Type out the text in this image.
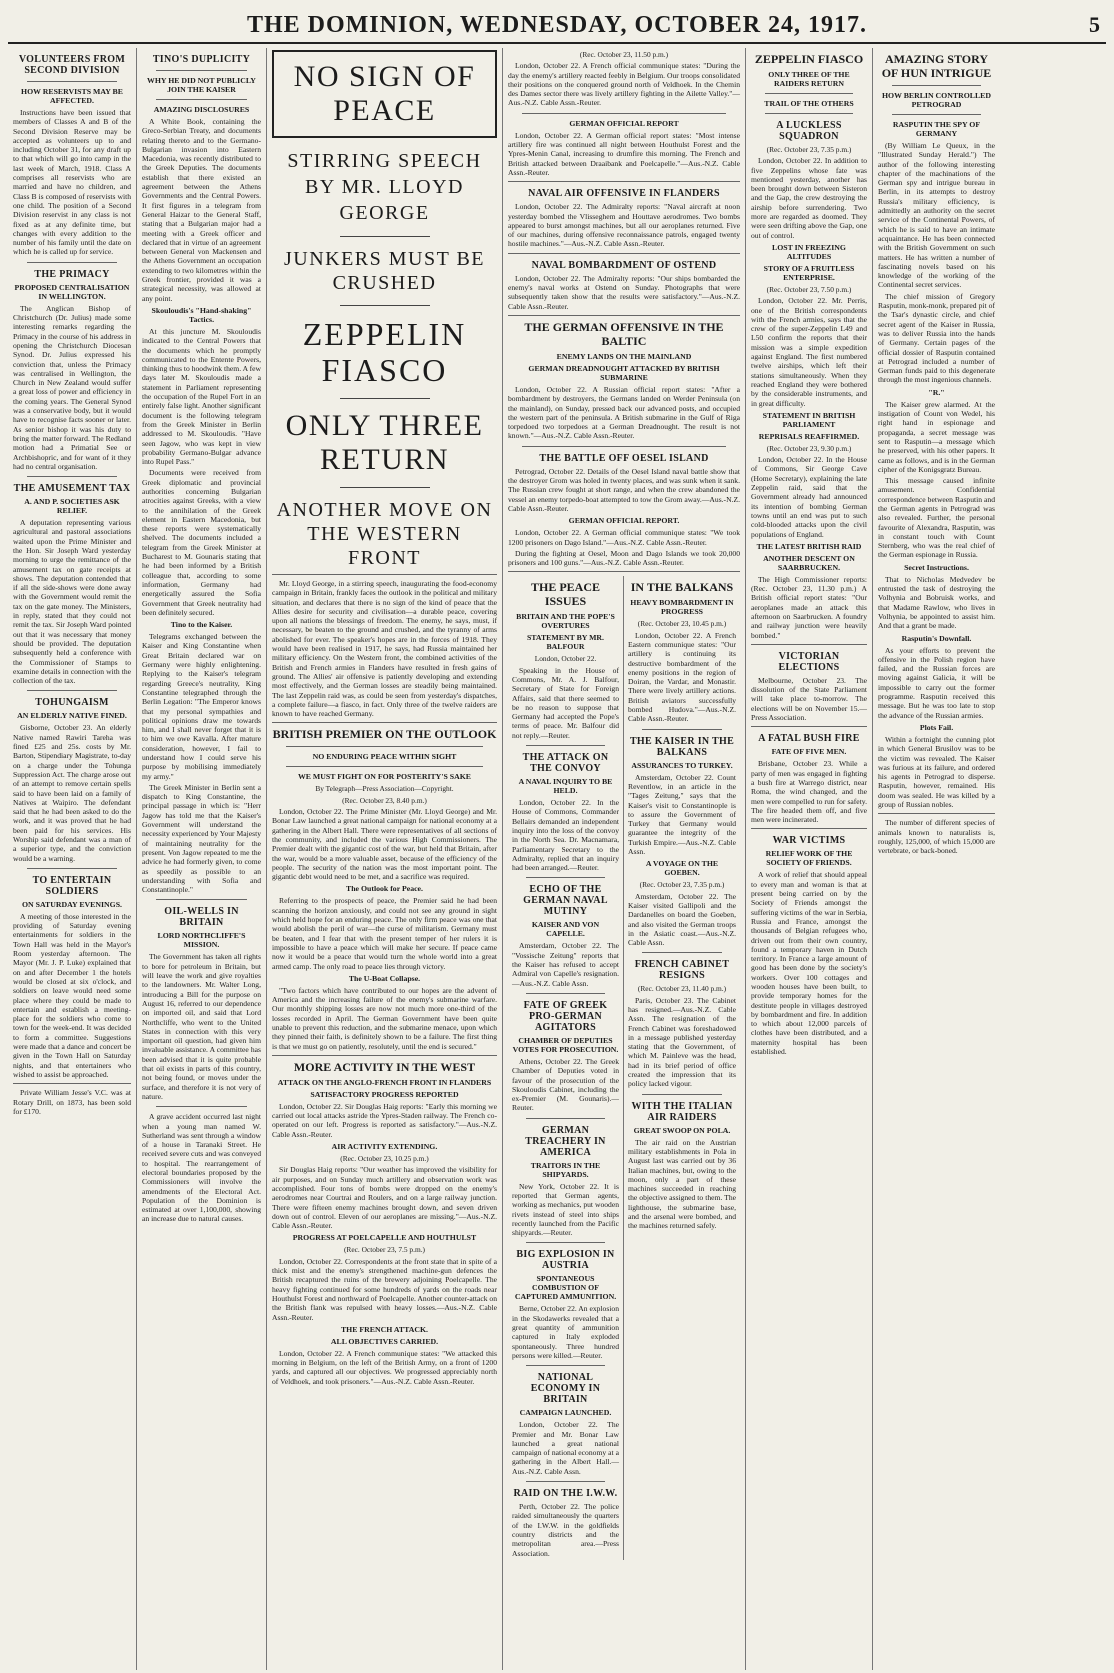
THE DOMINION, WEDNESDAY, OCTOBER 24, 1917.	5
VOLUNTEERS FROM SECOND DIVISION
HOW RESERVISTS MAY BE AFFECTED.

Instructions have been issued that members of Classes A and B of the Second Division Reserve may be accepted as volunteers up to and including October 31, for any draft up to that which will go into camp in the last week of March, 1918. Class A comprises all reservists who are married and have no children, and Class B is composed of reservists with one child. The position of a Second Division reservist in any class is not fixed as at any definite time, but changes with every addition to the number of his family until the date on which he is called up for service.

THE PRIMACY
PROPOSED CENTRALISATION IN WELLINGTON.

The Anglican Bishop of Christchurch (Dr. Julius) made some interesting remarks regarding the Primacy in the course of his address in opening the Christchurch Diocesan Synod. Dr. Julius expressed his conviction that, unless the Primacy was centralised in Wellington, the Church in New Zealand would suffer a great loss of power and efficiency in the coming years. The General Synod was a conservative body, but it would have to recognise facts sooner or later. As senior bishop it was his duty to bring the matter forward. The Redland motion had a Primatial See or Archbishopric, and for want of it they had no central organisation.

THE AMUSEMENT TAX
A. AND P. SOCIETIES ASK RELIEF.

A deputation representing various agricultural and pastoral associations waited upon the Prime Minister and the Hon. Sir Joseph Ward yesterday morning to urge the remittance of the amusement tax on gate receipts at shows. The deputation contended that if all the side-shows were done away with the Government would remit the tax on the gate money. The Ministers, in reply, stated that they could not remit the tax. Sir Joseph Ward pointed out that it was necessary that money should be provided. The deputation subsequently held a conference with the Commissioner of Stamps to examine details in connection with the collection of the tax.

TOHUNGAISM
AN ELDERLY NATIVE FINED.

Gisborne, October 23. An elderly Native named Rawiri Tareha was fined £25 and 25s. costs by Mr. Barton, Stipendiary Magistrate, to-day on a charge under the Tohunga Suppression Act. The charge arose out of an attempt to remove certain spells said to have been laid on a family of Natives at Waipiro. The defendant said that he had been asked to do the work, and it was proved that he had been paid for his services. His Worship said defendant was a man of a superior type, and the conviction would be a warning.

TO ENTERTAIN SOLDIERS
ON SATURDAY EVENINGS.

A meeting of those interested in the providing of Saturday evening entertainments for soldiers in the Town Hall was held in the Mayor's Room yesterday afternoon. The Mayor (Mr. J. P. Luke) explained that on and after December 1 the hotels would be closed at six o'clock, and soldiers on leave would need some place where they could be made to entertain and establish a meeting-place for the soldiers who come to town for the week-end. It was decided to form a committee. Suggestions were made that a dance and concert be given in the Town Hall on Saturday nights, and that entertainers who wished to assist be approached.

Private William Jesse's V.C. was at Rotary Drill, on 1873, has been sold for £170.

TINO'S DUPLICITY
WHY HE DID NOT PUBLICLY JOIN THE KAISER
AMAZING DISCLOSURES

A White Book, containing the Greco-Serbian Treaty, and documents relating thereto and to the Germano-Bulgarian invasion into Eastern Macedonia, was recently distributed to the Greek Deputies. The documents establish that there existed an agreement between the Athens Governments and the Central Powers. It first figures in a telegram from General Haizar to the General Staff, stating that a Bulgarian major had a meeting with a Greek officer and declared that in virtue of an agreement between General von Mackensen and the Athens Government an occupation extending to two kilometres within the Greek frontier, provided it was a strategical necessity, was allowed at any point.

Skouloudis's "Hand-shaking" Tactics.

At this juncture M. Skouloudis indicated to the Central Powers that the documents which he promptly communicated to the Entente Powers, thinking thus to hoodwink them. A few days later M. Skouloudis made a statement in Parliament representing the occupation of the Rupel Fort in an entirely false light. Another significant document is the following telegram from the Greek Minister in Berlin addressed to M. Skouloudis. "Have seen Jagow, who was kept in view probability Germano-Bulgar advance into Rupel Pass."

Documents were received from Greek diplomatic and provincial authorities concerning Bulgarian atrocities against Greeks, with a view to the annihilation of the Greek element in Eastern Macedonia, but these reports were systematically shelved. The documents included a telegram from the Greek Minister at Bucharest to M. Gounaris stating that he had been informed by a British colleague that, according to some information, Germany had energetically assured the Sofia Government that Greek neutrality had been definitely secured.

Tino to the Kaiser.

Telegrams exchanged between the Kaiser and King Constantine when Great Britain declared war on Germany were highly enlightening. Replying to the Kaiser's telegram regarding Greece's neutrality, King Constantine telegraphed through the Berlin Legation: "The Emperor knows that my personal sympathies and political opinions draw me towards him, and I shall never forget that it is to him we owe Kavalla. After mature consideration, however, I fail to understand how I could serve his purpose by mobilising immediately my army."

The Greek Minister in Berlin sent a dispatch to King Constantine, the principal passage in which is: "Herr Jagow has told me that the Kaiser's Government will understand the necessity experienced by Your Majesty of maintaining neutrality for the present. Von Jagow repeated to me the advice he had formerly given, to come as speedily as possible to an understanding with Sofia and Constantinople."

OIL-WELLS IN BRITAIN
LORD NORTHCLIFFE'S MISSION.

The Government has taken all rights to bore for petroleum in Britain, but will leave the work and give royalties to the landowners. Mr. Walter Long, introducing a Bill for the purpose on August 16, referred to our dependence on imported oil, and said that Lord Northcliffe, who went to the United States in connection with this very important oil question, had given him invaluable assistance. A committee has been advised that it is quite probable that oil exists in parts of this country, not being found, or moves under the surface, and therefore it is not very of nature.

A grave accident occurred last night when a young man named W. Sutherland was sent through a window of a house in Taranaki Street. He received severe cuts and was conveyed to hospital. The rearrangement of electoral boundaries proposed by the Commissioners will involve the amendments of the Electoral Act. Population of the Dominion is estimated at over 1,100,000, showing an increase due to natural causes.

NO SIGN OF PEACE
STIRRING SPEECH BY MR. LLOYD GEORGE
JUNKERS MUST BE CRUSHED
ZEPPELIN FIASCO
ONLY THREE RETURN
ANOTHER MOVE ON THE WESTERN FRONT

Mr. Lloyd George, in a stirring speech, inaugurating the food-economy campaign in Britain, frankly faces the outlook in the political and military situation, and declares that there is no sign of the kind of peace that the Allies desire for security and civilisation—a durable peace, covering upon all nations the blessings of freedom. The enemy, he says, must, if necessary, be beaten to the ground and crushed, and the tyranny of arms abolished for ever. The speaker's hopes are in the forces of 1918. They would have been realised in 1917, he says, had Russia maintained her military efficiency. On the Western front, the combined activities of the British and French armies in Flanders have resulted in fresh gains of ground. The Allies' air offensive is patiently developing and extending most effectively, and the German losses are steadily being maintained. The last Zeppelin raid was, as could be seen from yesterday's dispatches, a complete failure—a fiasco, in fact. Only three of the twelve raiders are known to have reached Germany.

BRITISH PREMIER ON THE OUTLOOK
NO ENDURING PEACE WITHIN SIGHT
WE MUST FIGHT ON FOR POSTERITY'S SAKE
By Telegraph—Press Association—Copyright.
(Rec. October 23, 8.40 p.m.)

London, October 22. The Prime Minister (Mr. Lloyd George) and Mr. Bonar Law launched a great national campaign for national economy at a gathering in the Albert Hall. There were representatives of all sections of the community, and included the various High Commissioners. The Premier dealt with the gigantic cost of the war, but held that Britain, after the war, would be a more valuable asset, because of the efficiency of the people. The security of the nation was the most important point. The gigantic debt would need to be met, and a sacrifice was required.

The Outlook for Peace.

Referring to the prospects of peace, the Premier said he had been scanning the horizon anxiously, and could not see any ground in sight which held hope for an enduring peace. The only firm peace was one that would abolish the peril of war—the curse of militarism. Germany must be beaten, and I fear that with the present temper of her rulers it is impossible to have a peace which will make her secure. If peace came now it would be a peace that would turn the whole world into a great armed camp. The only road to peace lies through victory.

The U-Boat Collapse.

"Two factors which have contributed to our hopes are the advent of America and the increasing failure of the enemy's submarine warfare. Our monthly shipping losses are now not much more one-third of the losses recorded in April. The German Government have been quite unable to prevent this reduction, and the submarine menace, upon which they pinned their faith, is definitely shown to be a failure. The first thing is that we must go on patiently, resolutely, until the end is secured."

MORE ACTIVITY IN THE WEST
ATTACK ON THE ANGLO-FRENCH FRONT IN FLANDERS
SATISFACTORY PROGRESS REPORTED

London, October 22. Sir Douglas Haig reports: "Early this morning we carried out local attacks astride the Ypres-Staden railway. The French co-operated on our left. Progress is reported as satisfactory."—Aus.-N.Z. Cable Assn.-Reuter.

AIR ACTIVITY EXTENDING.
(Rec. October 23, 10.25 p.m.)

Sir Douglas Haig reports: "Our weather has improved the visibility for air purposes, and on Sunday much artillery and observation work was accomplished. Four tons of bombs were dropped on the enemy's aerodromes near Courtrai and Roulers, and on a large railway junction. There were fifteen enemy machines brought down, and seven driven down out of control. Eleven of our aeroplanes are missing."—Aus.-N.Z. Cable Assn.-Reuter.

PROGRESS AT POELCAPELLE AND HOUTHULST
(Rec. October 23, 7.5 p.m.)

London, October 22. Correspondents at the front state that in spite of a thick mist and the enemy's strengthened machine-gun defences the British recaptured the ruins of the brewery adjoining Poelcapelle. The heavy fighting continued for some hundreds of yards on the roads near Houthulst Forest and northward of Poelcapelle. Another counter-attack on the British flank was repulsed with heavy losses.—Aus.-N.Z. Cable Assn.-Reuter.

THE FRENCH ATTACK.
ALL OBJECTIVES CARRIED.

London, October 22. A French communique states: "We attacked this morning in Belgium, on the left of the British Army, on a front of 1200 yards, and captured all our objectives. We progressed appreciably north of Veldhoek, and took prisoners."—Aus.-N.Z. Cable Assn.-Reuter.

(Rec. October 23, 11.50 p.m.)

London, October 22. A French official communique states: "During the day the enemy's artillery reacted feebly in Belgium. Our troops consolidated their positions on the conquered ground north of Veldhoek. In the Chemin des Dames sector there was lively artillery fighting in the Ailette Valley."—Aus.-N.Z. Cable Assn.-Reuter.

GERMAN OFFICIAL REPORT

London, October 22. A German official report states: "Most intense artillery fire was continued all night between Houthulst Forest and the Ypres-Menin Canal, increasing to drumfire this morning. The French and British attacked between Draaibank and Poelcapelle."—Aus.-N.Z. Cable Assn.-Reuter.

NAVAL AIR OFFENSIVE IN FLANDERS

London, October 22. The Admiralty reports: "Naval aircraft at noon yesterday bombed the Vlisseghem and Houttave aerodromes. Two bombs appeared to burst amongst machines, but all our aeroplanes returned. Five of our machines, during offensive reconnaissance patrols, engaged twenty hostile machines."—Aus.-N.Z. Cable Assn.-Reuter.

NAVAL BOMBARDMENT OF OSTEND

London, October 22. The Admiralty reports: "Our ships bombarded the enemy's naval works at Ostend on Sunday. Photographs that were subsequently taken show that the results were satisfactory."—Aus.-N.Z. Cable Assn.-Reuter.

THE GERMAN OFFENSIVE IN THE BALTIC
ENEMY LANDS ON THE MAINLAND
GERMAN DREADNOUGHT ATTACKED BY BRITISH SUBMARINE

London, October 22. A Russian official report states: "After a bombardment by destroyers, the Germans landed on Werder Peninsula (on the mainland), on Sunday, pressed back our advanced posts, and occupied the western part of the peninsula. A British submarine in the Gulf of Riga torpedoed two torpedoes at a German Dreadnought. The result is not known."—Aus.-N.Z. Cable Assn.-Reuter.

THE BATTLE OFF OESEL ISLAND

Petrograd, October 22. Details of the Oesel Island naval battle show that the destroyer Grom was holed in twenty places, and was sunk when it sank. The Russian crew fought at short range, and when the crew abandoned the vessel an enemy torpedo-boat attempted to tow the Grom away.—Aus.-N.Z. Cable Assn.-Reuter.

GERMAN OFFICIAL REPORT.

London, October 22. A German official communique states: "We took 1200 prisoners on Dago Island."—Aus.-N.Z. Cable Assn.-Reuter.

During the fighting at Oesel, Moon and Dago Islands we took 20,000 prisoners and 100 guns."—Aus.-N.Z. Cable Assn.-Reuter.

THE PEACE ISSUES
BRITAIN AND THE POPE'S OVERTURES
STATEMENT BY MR. BALFOUR
London, October 22.

Speaking in the House of Commons, Mr. A. J. Balfour, Secretary of State for Foreign Affairs, said that there seemed to be no reason to suppose that Germany had accepted the Pope's terms of peace. Mr. Balfour did not reply.—Reuter.

THE ATTACK ON THE CONVOY
A NAVAL INQUIRY TO BE HELD.

London, October 22. In the House of Commons, Commander Bellairs demanded an independent inquiry into the loss of the convoy in the North Sea. Dr. Macnamara, Parliamentary Secretary to the Admiralty, replied that an inquiry had been arranged.—Reuter.

ECHO OF THE GERMAN NAVAL MUTINY
KAISER AND VON CAPELLE.

Amsterdam, October 22. The "Vossische Zeitung" reports that the Kaiser has refused to accept Admiral von Capelle's resignation.—Aus.-N.Z. Cable Assn.

FATE OF GREEK PRO-GERMAN AGITATORS
CHAMBER OF DEPUTIES VOTES FOR PROSECUTION.

Athens, October 22. The Greek Chamber of Deputies voted in favour of the prosecution of the Skouloudis Cabinet, including the ex-Premier (M. Gounaris).—Reuter.

GERMAN TREACHERY IN AMERICA
TRAITORS IN THE SHIPYARDS.

New York, October 22. It is reported that German agents, working as mechanics, put wooden rivets instead of steel into ships recently launched from the Pacific shipyards.—Reuter.

BIG EXPLOSION IN AUSTRIA
SPONTANEOUS COMBUSTION OF CAPTURED AMMUNITION.

Berne, October 22. An explosion in the Skodawerks revealed that a great quantity of ammunition captured in Italy exploded spontaneously. Three hundred persons were killed.—Reuter.

NATIONAL ECONOMY IN BRITAIN
CAMPAIGN LAUNCHED.

London, October 22. The Premier and Mr. Bonar Law launched a great national campaign of national economy at a gathering in the Albert Hall.—Aus.-N.Z. Cable Assn.

RAID ON THE I.W.W.

Perth, October 22. The police raided simultaneously the quarters of the I.W.W. in the goldfields country districts and the metropolitan area.—Press Association.

IN THE BALKANS
HEAVY BOMBARDMENT IN PROGRESS
(Rec. October 23, 10.45 p.m.)

London, October 22. A French Eastern communique states: "Our artillery is continuing its destructive bombardment of the enemy positions in the region of Doiran, the Vardar, and Monastir. There were lively artillery actions. British aviators successfully bombed Hudova."—Aus.-N.Z. Cable Assn.-Reuter.

THE KAISER IN THE BALKANS
ASSURANCES TO TURKEY.

Amsterdam, October 22. Count Reventlow, in an article in the "Tages Zeitung," says that the Kaiser's visit to Constantinople is to assure the Government of Turkey that Germany would guarantee the integrity of the Turkish Empire.—Aus.-N.Z. Cable Assn.

A VOYAGE ON THE GOEBEN.
(Rec. October 23, 7.35 p.m.)

Amsterdam, October 22. The Kaiser visited Gallipoli and the Dardanelles on board the Goeben, and also visited the German troops in the Asiatic coast.—Aus.-N.Z. Cable Assn.

FRENCH CABINET RESIGNS
(Rec. October 23, 11.40 p.m.)

Paris, October 23. The Cabinet has resigned.—Aus.-N.Z. Cable Assn. The resignation of the French Cabinet was foreshadowed in a message published yesterday stating that the Government, of which M. Painleve was the head, had in its brief period of office created the impression that its policy lacked vigour.

WITH THE ITALIAN AIR RAIDERS
GREAT SWOOP ON POLA.

The air raid on the Austrian military establishments in Pola in August last was carried out by 36 Italian machines, but, owing to the moon, only a part of these machines succeeded in reaching the objective assigned to them. The lighthouse, the submarine base, and the arsenal were bombed, and the machines returned safely.

ZEPPELIN FIASCO
ONLY THREE OF THE RAIDERS RETURN
TRAIL OF THE OTHERS
A LUCKLESS SQUADRON
(Rec. October 23, 7.35 p.m.)

London, October 22. In addition to five Zeppelins whose fate was mentioned yesterday, another has been brought down between Sisteron and the Gap, the crew destroying the airship before surrendering. Two more are regarded as doomed. They were seen drifting above the Gap, one out of control.

LOST IN FREEZING ALTITUDES
STORY OF A FRUITLESS ENTERPRISE.
(Rec. October 23, 7.50 p.m.)

London, October 22. Mr. Perris, one of the British correspondents with the French armies, says that the crew of the super-Zeppelin L49 and L50 confirm the reports that their mission was a simple expedition against England. The first numbered twelve airships, which left their stations simultaneously. When they reached England they were bothered by the considerable instruments, and in great difficulty.

STATEMENT IN BRITISH PARLIAMENT
REPRISALS REAFFIRMED.
(Rec. October 23, 9.30 p.m.)

London, October 22. In the House of Commons, Sir George Cave (Home Secretary), explaining the late Zeppelin raid, said that the Government already had announced its intention of bombing German towns until an end was put to such cold-blooded attacks upon the civil populations of England.

THE LATEST BRITISH RAID
ANOTHER DESCENT ON SAARBRUCKEN.

The High Commissioner reports: (Rec. October 23, 11.30 p.m.) A British official report states: "Our aeroplanes made an attack this afternoon on Saarbrucken. A foundry and railway junction were heavily bombed."

VICTORIAN ELECTIONS

Melbourne, October 23. The dissolution of the State Parliament will take place to-morrow. The elections will be on November 15.—Press Association.

A FATAL BUSH FIRE
FATE OF FIVE MEN.

Brisbane, October 23. While a party of men was engaged in fighting a bush fire at Warrego district, near Roma, the wind changed, and the men were compelled to run for safety. The fire headed them off, and five men were incinerated.

WAR VICTIMS
RELIEF WORK OF THE SOCIETY OF FRIENDS.

A work of relief that should appeal to every man and woman is that at present being carried on by the Society of Friends amongst the suffering victims of the war in Serbia, Russia and France, amongst the thousands of Belgian refugees who, driven out from their own country, found a temporary haven in Dutch territory. In France a large amount of good has been done by the society's workers. Over 100 cottages and wooden houses have been built, to provide temporary homes for the destitute people in villages destroyed by bombardment and fire. In addition to which about 12,000 parcels of clothes have been distributed, and a maternity hospital has been established.

AMAZING STORY OF HUN INTRIGUE
HOW BERLIN CONTROLLED PETROGRAD
RASPUTIN THE SPY OF GERMANY

(By William Le Queux, in the "Illustrated Sunday Herald.") The author of the following interesting chapter of the machinations of the German spy and intrigue bureau in Berlin, in its attempts to destroy Russia's military efficiency, is admittedly an authority on the secret service of the Continental Powers, of which he is said to have an intimate acquaintance. He has been connected with the British Government on such matters. He has written a number of fascinating novels based on his knowledge of the working of the Continental secret services.

The chief mission of Gregory Rasputin, monk-monk, prepared pit of the Tsar's dynastic circle, and chief secret agent of the Kaiser in Russia, was to deliver Russia into the hands of Germany. Certain pages of the official dossier of Rasputin contained at Petrograd included a number of German funds paid to this degenerate through the most ingenious channels.

"R."

The Kaiser grew alarmed. At the instigation of Count von Wedel, his right hand in espionage and propaganda, a secret message was sent to Rasputin—a message which he preserved, with his other papers. It came as follows, and is in the German cipher of the Konigsgratz Bureau.

This message caused infinite amusement. Confidential correspondence between Rasputin and the German agents in Petrograd was also revealed. Further, the personal favourite of Alexandra, Rasputin, was in constant touch with Count Sternberg, who was the real chief of the German espionage in Russia.

Secret Instructions.

That to Nicholas Medvedev be entrusted the task of destroying the Volhynia and Bobruisk works, and that Madame Rawlow, who lives in Volhynia, be appointed to assist him. And that a grant be made.

Rasputin's Downfall.

As your efforts to prevent the offensive in the Polish region have failed, and the Russian forces are moving against Galicia, it will be impossible to carry out the former programme. Rasputin received this message. But he was too late to stop the advance of the Russian armies.

Plots Fail.

Within a fortnight the cunning plot in which General Brusilov was to be the victim was revealed. The Kaiser was furious at its failure, and ordered his agents in Petrograd to disperse. Rasputin, however, remained. His doom was sealed. He was killed by a group of Russian nobles.

The number of different species of animals known to naturalists is, roughly, 125,000, of which 15,000 are vertebrate, or back-boned.
